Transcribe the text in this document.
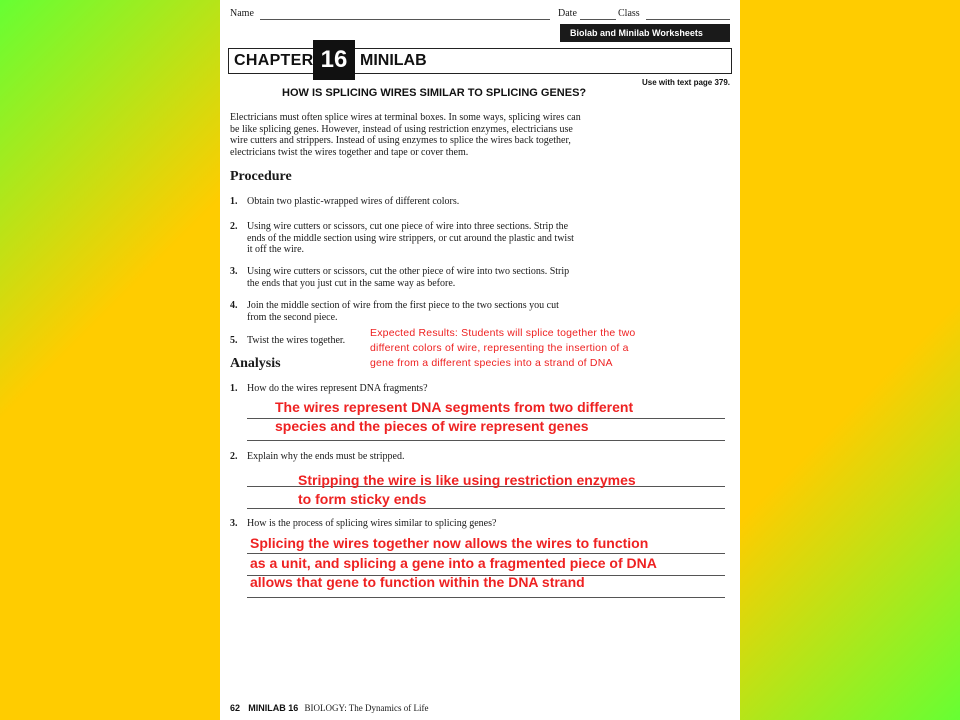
Name	Date	Class
Biolab and Minilab Worksheets
CHAPTER 16 MINILAB
Use with text page 379.
HOW IS SPLICING WIRES SIMILAR TO SPLICING GENES?
Electricians must often splice wires at terminal boxes. In some ways, splicing wires can
be like splicing genes. However, instead of using restriction enzymes, electricians use
wire cutters and strippers. Instead of using enzymes to splice the wires back together,
electricians twist the wires together and tape or cover them.
Procedure
1. Obtain two plastic-wrapped wires of different colors.
2. Using wire cutters or scissors, cut one piece of wire into three sections. Strip the
ends of the middle section using wire strippers, or cut around the plastic and twist
it off the wire.
3. Using wire cutters or scissors, cut the other piece of wire into two sections. Strip
the ends that you just cut in the same way as before.
4. Join the middle section of wire from the first piece to the two sections you cut
from the second piece.
5. Twist the wires together.
Expected Results: Students will splice together the two
different colors of wire, representing the insertion of a
gene from a different species into a strand of DNA
Analysis
1. How do the wires represent DNA fragments?
The wires represent DNA segments from two different
species and the pieces of wire represent genes
2. Explain why the ends must be stripped.
Stripping the wire is like using restriction enzymes
to form sticky ends
3. How is the process of splicing wires similar to splicing genes?
Splicing the wires together now allows the wires to function
as a unit, and splicing a gene into a fragmented piece of DNA
allows that gene to function within the DNA strand
62 MINILAB 16 BIOLOGY: The Dynamics of Life
